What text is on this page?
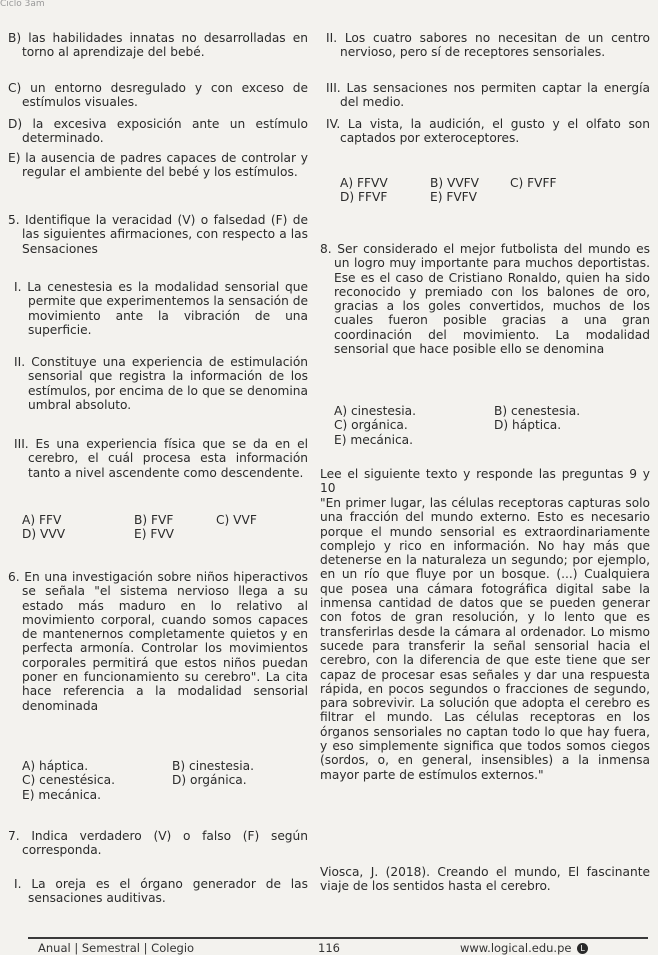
Ciclo 3am
B) las habilidades innatas no desarrolladas en torno al aprendizaje del bebé.
C) un entorno desregulado y con exceso de estímulos visuales.
D) la excesiva exposición ante un estímulo determinado.
E) la ausencia de padres capaces de controlar y regular el ambiente del bebé y los estímulos.
5. Identifique la veracidad (V) o falsedad (F) de las siguientes afirmaciones, con respecto a las Sensaciones
I. La cenestesia es la modalidad sensorial que permite que experimentemos la sensación de movimiento ante la vibración de una superficie.
II. Constituye una experiencia de estimulación sensorial que registra la información de los estímulos, por encima de lo que se denomina umbral absoluto.
III. Es una experiencia física que se da en el cerebro, el cuál procesa esta información tanto a nivel ascendente como descendente.
A) FFV	B) FVF	C) VVF
D) VVV	E) FVV
6. En una investigación sobre niños hiperactivos se señala "el sistema nervioso llega a su estado más maduro en lo relativo al movimiento corporal, cuando somos capaces de mantenernos completamente quietos y en perfecta armonía. Controlar los movimientos corporales permitirá que estos niños puedan poner en funcionamiento su cerebro". La cita hace referencia a la modalidad sensorial denominada
A) háptica.	B) cinestesia.
C) cenestésica.	D) orgánica.
E) mecánica.
7. Indica verdadero (V) o falso (F) según corresponda.
I. La oreja es el órgano generador de las sensaciones auditivas.
II. Los cuatro sabores no necesitan de un centro nervioso, pero sí de receptores sensoriales.
III. Las sensaciones nos permiten captar la energía del medio.
IV. La vista, la audición, el gusto y el olfato son captados por exteroceptores.
A) FFVV	B) VVFV	C) FVFF
D) FFVF	E) FVFV
8. Ser considerado el mejor futbolista del mundo es un logro muy importante para muchos deportistas. Ese es el caso de Cristiano Ronaldo, quien ha sido reconocido y premiado con los balones de oro, gracias a los goles convertidos, muchos de los cuales fueron posible gracias a una gran coordinación del movimiento. La modalidad sensorial que hace posible ello se denomina
A) cinestesia.	B) cenestesia.
C) orgánica.	D) háptica.
E) mecánica.
Lee el siguiente texto y responde las preguntas 9 y 10
"En primer lugar, las células receptoras capturas solo una fracción del mundo externo. Esto es necesario porque el mundo sensorial es extraordinariamente complejo y rico en información. No hay más que detenerse en la naturaleza un segundo; por ejemplo, en un río que fluye por un bosque. (...) Cualquiera que posea una cámara fotográfica digital sabe la inmensa cantidad de datos que se pueden generar con fotos de gran resolución, y lo lento que es transferirlas desde la cámara al ordenador. Lo mismo sucede para transferir la señal sensorial hacia el cerebro, con la diferencia de que este tiene que ser capaz de procesar esas señales y dar una respuesta rápida, en pocos segundos o fracciones de segundo, para sobrevivir. La solución que adopta el cerebro es filtrar el mundo. Las células receptoras en los órganos sensoriales no captan todo lo que hay fuera, y eso simplemente significa que todos somos ciegos (sordos, o, en general, insensibles) a la inmensa mayor parte de estímulos externos."
Viosca, J. (2018). Creando el mundo, El fascinante viaje de los sentidos hasta el cerebro.
Anual | Semestral | Colegio	116	www.logical.edu.pe L
